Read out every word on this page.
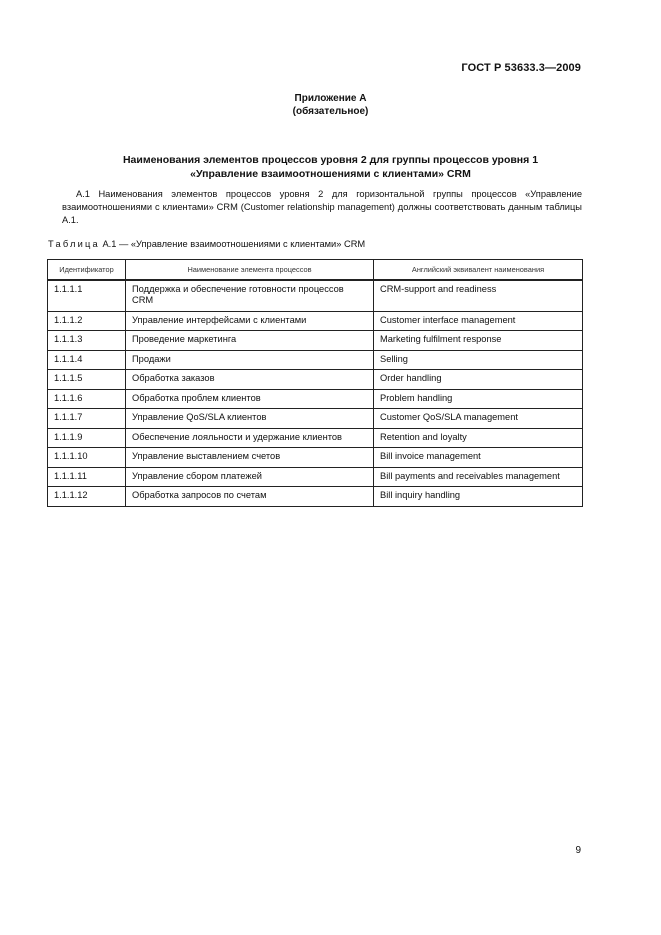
ГОСТ Р 53633.3—2009
Приложение А
(обязательное)
Наименования элементов процессов уровня 2 для группы процессов уровня 1
«Управление взаимоотношениями с клиентами» CRM

А.1 Наименования элементов процессов уровня 2 для горизонтальной группы процессов «Управление взаимоотношениями с клиентами» CRM (Customer relationship management) должны соответствовать данным таблицы А.1.

Таблица А.1 — «Управление взаимоотношениями с клиентами» CRM
Идентификатор	Наименование элемента процессов	Английский эквивалент наименования
1.1.1.1	Поддержка и обеспечение готовности процессов CRM	CRM-support and readiness
1.1.1.2	Управление интерфейсами с клиентами	Customer interface management
1.1.1.3	Проведение маркетинга	Marketing fulfilment response
1.1.1.4	Продажи	Selling
1.1.1.5	Обработка заказов	Order handling
1.1.1.6	Обработка проблем клиентов	Problem handling
1.1.1.7	Управление QoS/SLA клиентов	Customer QoS/SLA management
1.1.1.9	Обеспечение лояльности и удержание клиентов	Retention and loyalty
1.1.1.10	Управление выставлением счетов	Bill invoice management
1.1.1.11	Управление сбором платежей	Bill payments and receivables management
1.1.1.12	Обработка запросов по счетам	Bill inquiry handling
9
